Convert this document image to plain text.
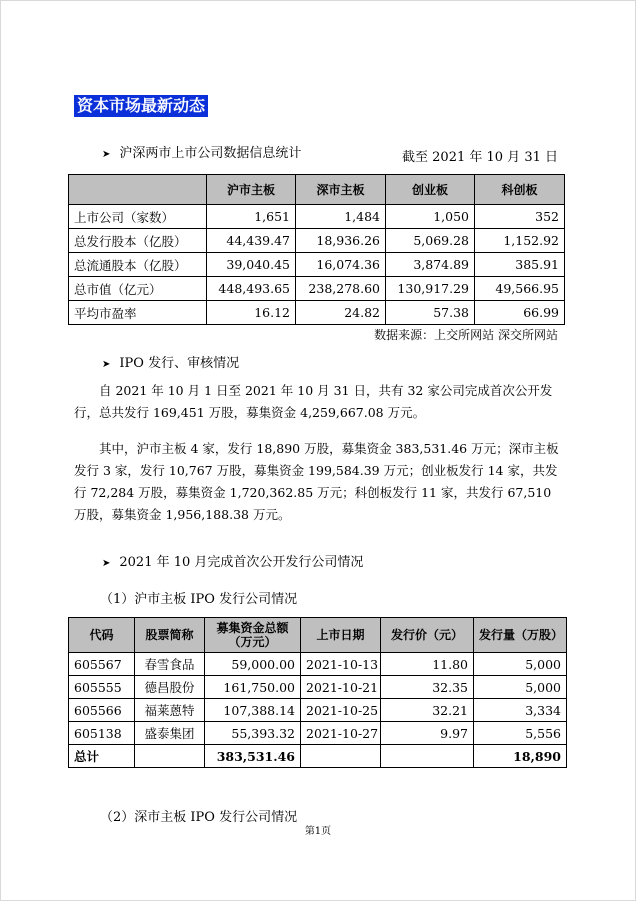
资本市场最新动态
➤ 沪深两市上市公司数据信息统计	截至 2021 年 10 月 31 日
	沪市主板	深市主板	创业板	科创板
上市公司（家数）	1,651	1,484	1,050	352
总发行股本（亿股）	44,439.47	18,936.26	5,069.28	1,152.92
总流通股本（亿股）	39,040.45	16,074.36	3,874.89	385.91
总市值（亿元）	448,493.65	238,278.60	130,917.29	49,566.95
平均市盈率	16.12	24.82	57.38	66.99
数据来源：上交所网站 深交所网站
➤ IPO 发行、审核情况

自 2021 年 10 月 1 日至 2021 年 10 月 31 日，共有 32 家公司完成首次公开发行，总共发行 169,451 万股，募集资金 4,259,667.08 万元。

其中，沪市主板 4 家，发行 18,890 万股，募集资金 383,531.46 万元；深市主板发行 3 家，发行 10,767 万股，募集资金 199,584.39 万元；创业板发行 14 家，共发行 72,284 万股，募集资金 1,720,362.85 万元；科创板发行 11 家，共发行 67,510 万股，募集资金 1,956,188.38 万元。

➤ 2021 年 10 月完成首次公开发行公司情况
（1）沪市主板 IPO 发行公司情况
代码	股票简称	募集资金总额（万元）	上市日期	发行价（元）	发行量（万股）
605567	春雪食品	59,000.00	2021-10-13	11.80	5,000
605555	德昌股份	161,750.00	2021-10-21	32.35	5,000
605566	福莱蒽特	107,388.14	2021-10-25	32.21	3,334
605138	盛泰集团	55,393.32	2021-10-27	9.97	5,556
总计		383,531.46			18,890
（2）深市主板 IPO 发行公司情况
第1页
